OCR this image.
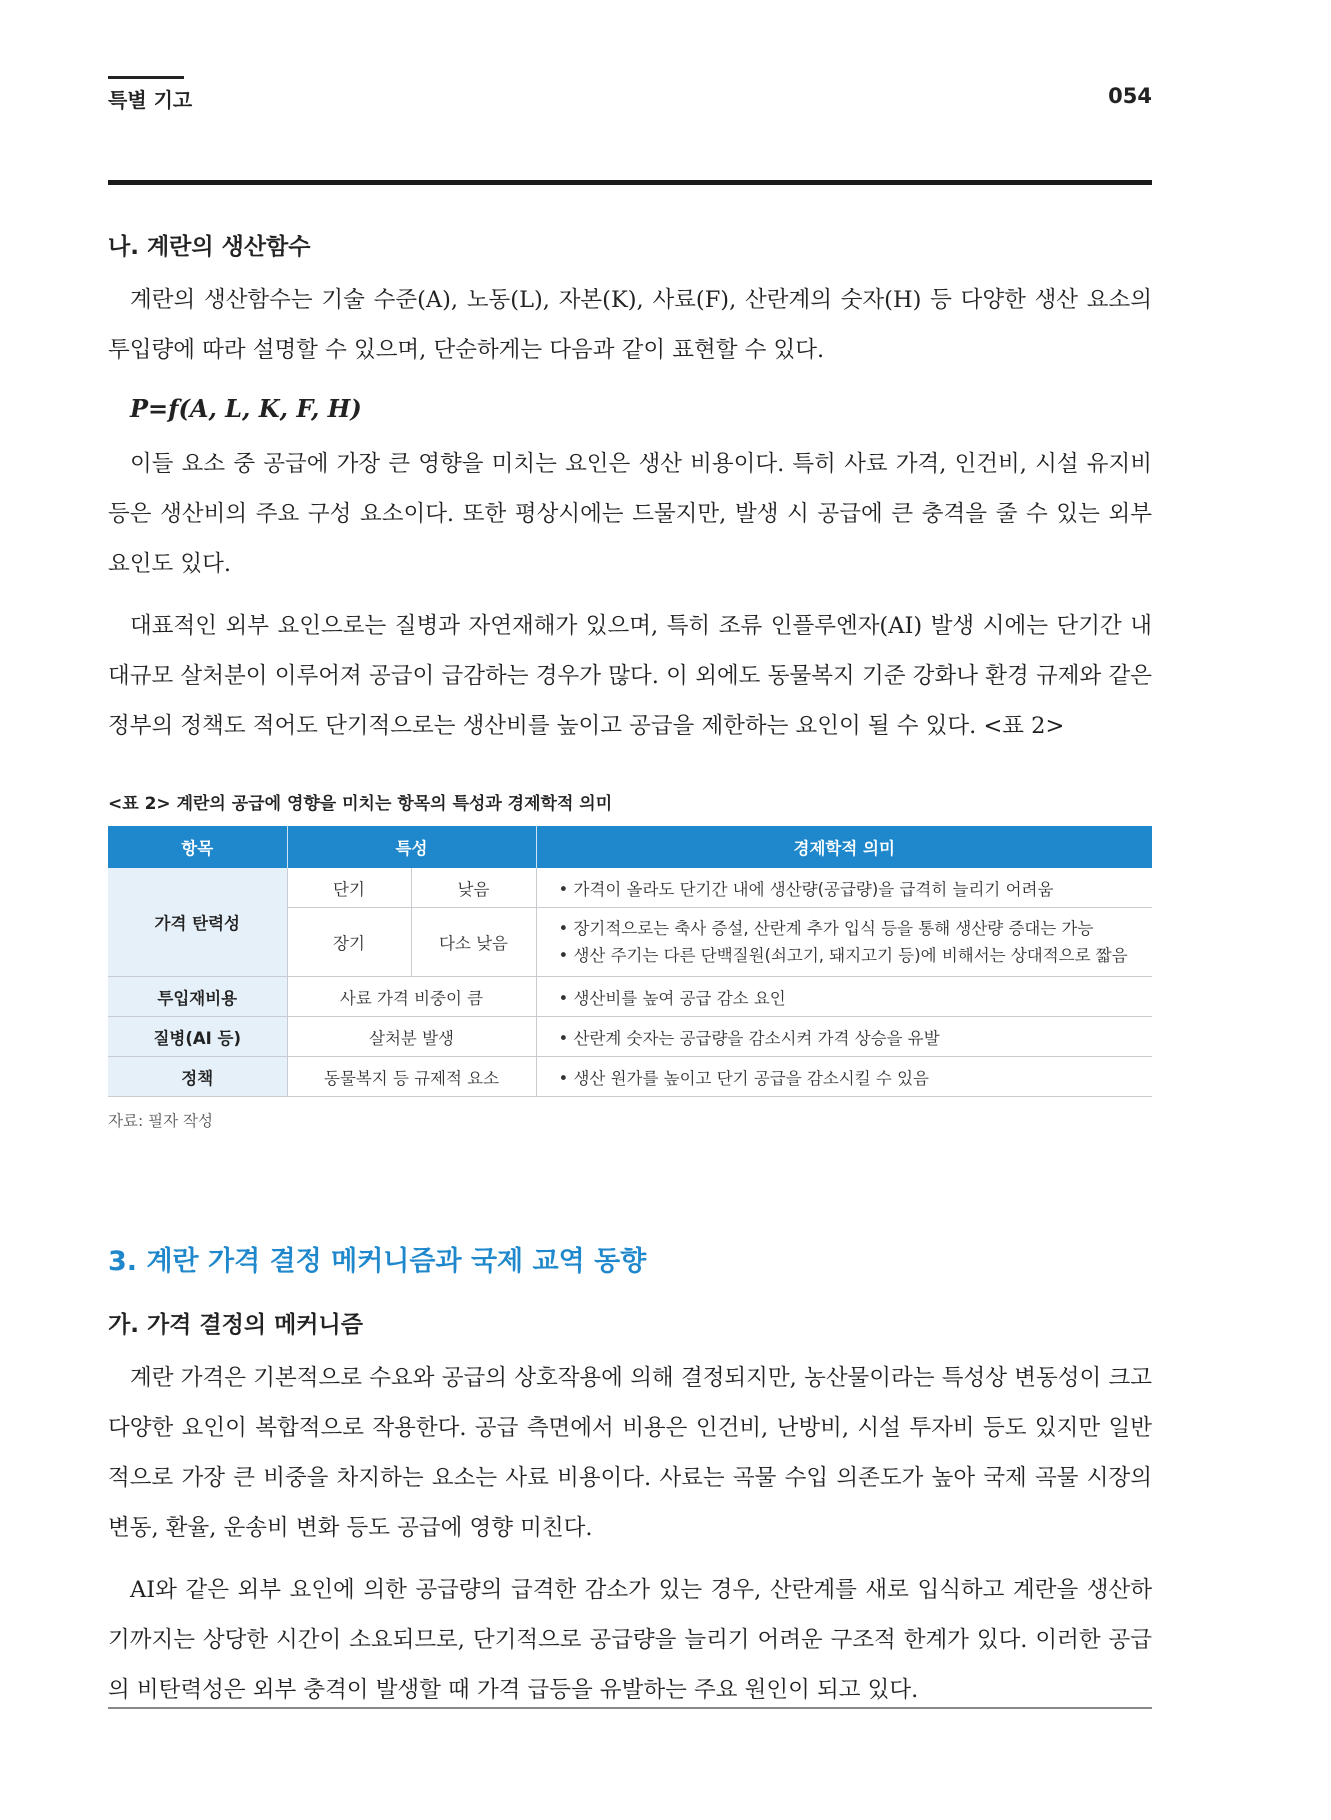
특별 기고	054
나. 계란의 생산함수

계란의 생산함수는 기술 수준(A), 노동(L), 자본(K), 사료(F), 산란계의 숫자(H) 등 다양한 생산 요소의 투입량에 따라 설명할 수 있으며, 단순하게는 다음과 같이 표현할 수 있다.

P=f(A, L, K, F, H)

이들 요소 중 공급에 가장 큰 영향을 미치는 요인은 생산 비용이다. 특히 사료 가격, 인건비, 시설 유지비 등은 생산비의 주요 구성 요소이다. 또한 평상시에는 드물지만, 발생 시 공급에 큰 충격을 줄 수 있는 외부 요인도 있다.

대표적인 외부 요인으로는 질병과 자연재해가 있으며, 특히 조류 인플루엔자(AI) 발생 시에는 단기간 내 대규모 살처분이 이루어져 공급이 급감하는 경우가 많다. 이 외에도 동물복지 기준 강화나 환경 규제와 같은 정부의 정책도 적어도 단기적으로는 생산비를 높이고 공급을 제한하는 요인이 될 수 있다. <표 2>

<표 2> 계란의 공급에 영향을 미치는 항목의 특성과 경제학적 의미
항목	특성		경제학적 의미
가격 탄력성	단기	낮음	• 가격이 올라도 단기간 내에 생산량(공급량)을 급격히 늘리기 어려움
	장기	다소 낮음	• 장기적으로는 축사 증설, 산란계 추가 입식 등을 통해 생산량 증대는 가능
• 생산 주기는 다른 단백질원(쇠고기, 돼지고기 등)에 비해서는 상대적으로 짧음

투입재비용	사료 가격 비중이 큼		• 생산비를 높여 공급 감소 요인
질병(AI 등)	살처분 발생		• 산란계 숫자는 공급량을 감소시켜 가격 상승을 유발
정책	동물복지 등 규제적 요소		• 생산 원가를 높이고 단기 공급을 감소시킬 수 있음
자료: 필자 작성
3. 계란 가격 결정 메커니즘과 국제 교역 동향
가. 가격 결정의 메커니즘

계란 가격은 기본적으로 수요와 공급의 상호작용에 의해 결정되지만, 농산물이라는 특성상 변동성이 크고 다양한 요인이 복합적으로 작용한다. 공급 측면에서 비용은 인건비, 난방비, 시설 투자비 등도 있지만 일반적으로 가장 큰 비중을 차지하는 요소는 사료 비용이다. 사료는 곡물 수입 의존도가 높아 국제 곡물 시장의 변동, 환율, 운송비 변화 등도 공급에 영향 미친다.

AI와 같은 외부 요인에 의한 공급량의 급격한 감소가 있는 경우, 산란계를 새로 입식하고 계란을 생산하기까지는 상당한 시간이 소요되므로, 단기적으로 공급량을 늘리기 어려운 구조적 한계가 있다. 이러한 공급의 비탄력성은 외부 충격이 발생할 때 가격 급등을 유발하는 주요 원인이 되고 있다.
